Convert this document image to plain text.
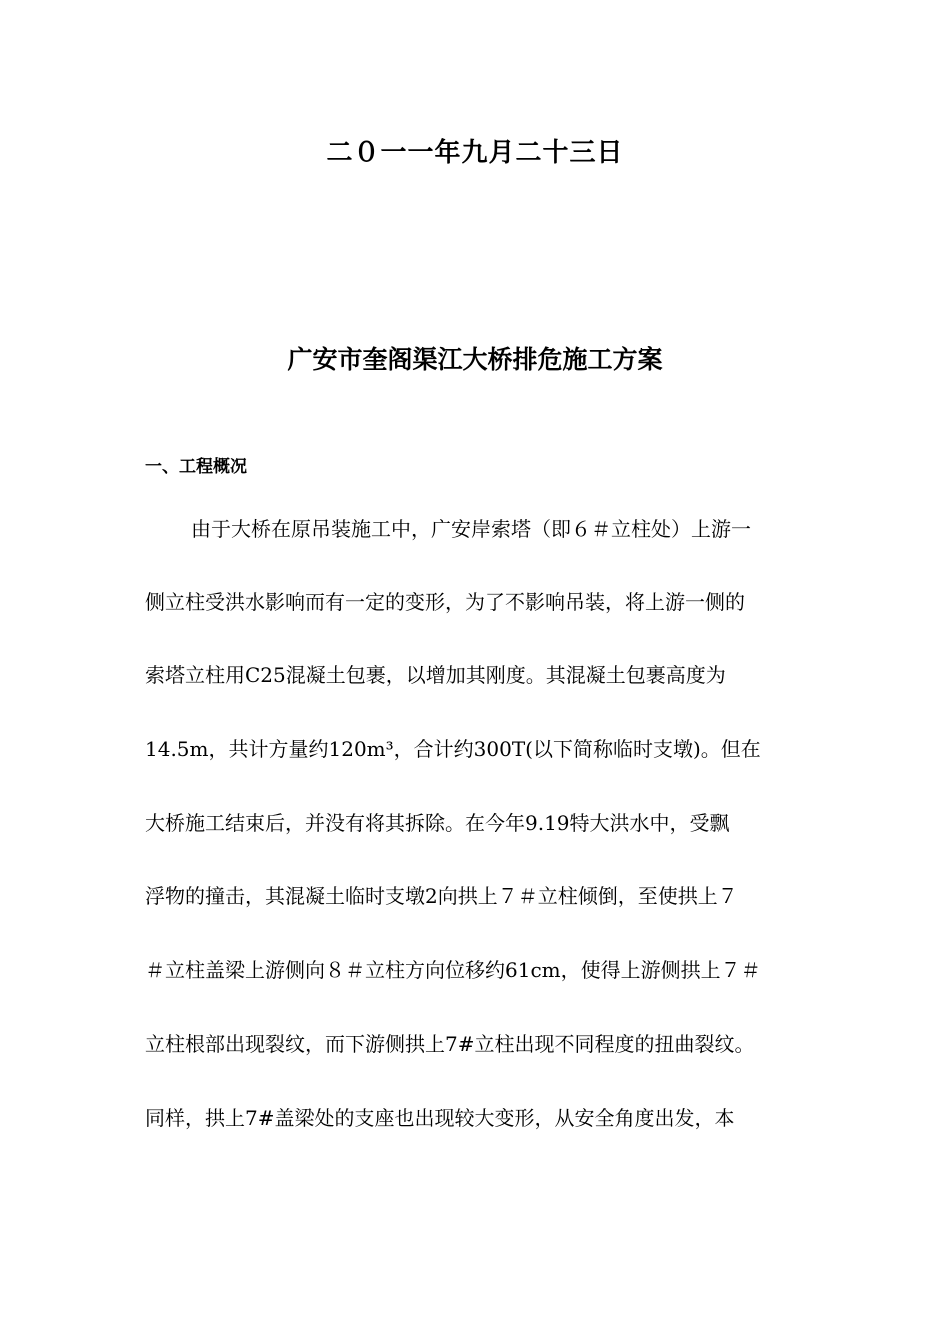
二０一一年九月二十三日
广安市奎阁渠江大桥排危施工方案
一、工程概况
由于大桥在原吊装施工中，广安岸索塔（即６＃立柱处）上游一
侧立柱受洪水影响而有一定的变形，为了不影响吊装，将上游一侧的
索塔立柱用C25混凝土包裹，以增加其刚度。其混凝土包裹高度为
14.5m，共计方量约120m³，合计约300T(以下简称临时支墩)。但在
大桥施工结束后，并没有将其拆除。在今年9.19特大洪水中，受飘
浮物的撞击，其混凝土临时支墩2向拱上７＃立柱倾倒，至使拱上７
＃立柱盖梁上游侧向８＃立柱方向位移约61cm，使得上游侧拱上７＃
立柱根部出现裂纹，而下游侧拱上7#立柱出现不同程度的扭曲裂纹。
同样，拱上7#盖梁处的支座也出现较大变形，从安全角度出发，本
